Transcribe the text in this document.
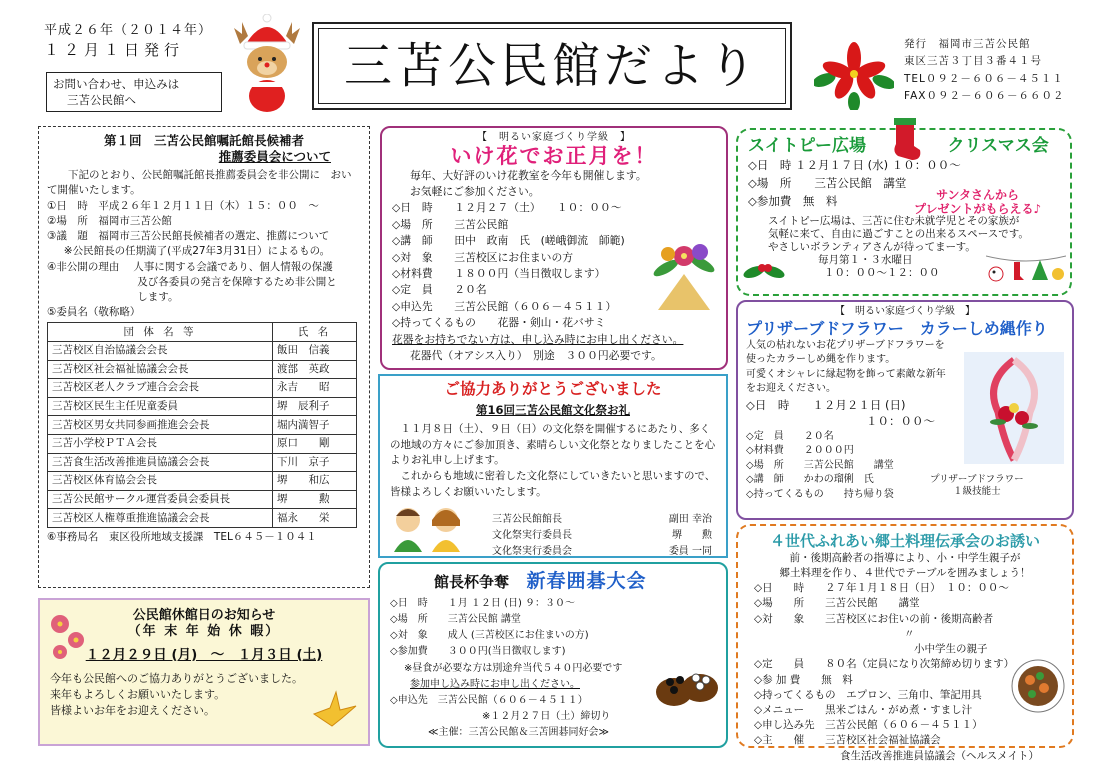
平成２６年（２０１４年）
１２月１日発行
お問い合わせ、申込みは
三苫公民館へ
三苫公民館だより	発行　福岡市三苫公民館
東区三苫３丁目３番４１号
TEL０９２－６０６－４５１１
FAX０９２－６０６－６６０２
第１回　三苫公民館嘱託館長候補者
推薦委員会について

下記のとおり、公民館嘱託館長推薦委員会を非公開に　おいて開催いたします。

①日　時　平成２６年１２月１１日（木）１５：００　～

②場　所　福岡市三苫公館

③議　題　福岡市三苫公民館長候補者の選定、推薦について

※公民館長の任期満了(平成27年3月31日）によるもの。

④非公開の理由　 人事に関する会議であり、個人情報の保護

及び各委員の発言を保障するため非公開と

します。

⑤委員名（敬称略）

団 体 名 等	氏 名
三苫校区自治協議会会長	飯田　信義
三苫校区社会福祉協議会会長	渡部　英政
三苫校区老人クラブ連合会会長	永吉　　昭
三苫校区民生主任児童委員	堺　辰利子
三苫校区男女共同参画推進会会長	堀内満智子
三苫小学校ＰＴＡ会長	原口　　剛
三苫食生活改善推進員協議会会長	下川　京子
三苫校区体育協会会長	堺　　和広
三苫公民館サークル運営委員会委員長	堺　　　勲
三苫校区人権尊重推進協議会会長	福永　　栄

⑥事務局名　東区役所地域支援課　TEL６４５－１０４１

公民館休館日のお知らせ
（年 末 年 始 休 暇）
１２月２９日 (月)　～　１月３日 (土)
今年も公民館へのご協力ありがとうございました。
来年もよろしくお願いいたします。
皆様よいお年をお迎えください。
【　明るい家庭づくり学級　】
いけ花でお正月を！

毎年、大好評のいけ花教室を今年も開催します。

お気軽にご参加ください。

◇日　時　　１２月２７（土）　　１０：００～
◇場　所　　三苫公民館
◇講　師　　田中　政南　氏　(嵯峨御流　師範)
◇対　象　　三苫校区にお住まいの方
◇材料費　　１８００円（当日徴収します）
◇定　員　　２０名
◇申込先　　三苫公民館（６０６－４５１１）
◇持ってくるもの　　花器・剣山・花バサミ

花器をお持ちでない方は、申し込み時にお申し出ください。

花器代（オアシス入り）　別途　３００円必要です。

ご協力ありがとうございました
第16回三苫公民館文化祭お礼

１１月８日（土）、９日（日）の文化祭を開催するにあたり、多くの地域の方々にご参加頂き、素晴らしい文化祭となりましたことを心よりお礼申し上げます。

これからも地域に密着した文化祭にしていきたいと思いますので、皆様よろしくお願いいたします。

三苫公民館館長	副田 幸治
文化祭実行委員長	堺　　勲
文化祭実行委員会	委員 一同
館長杯争奪 新春囲碁大会
◇日　時　　１月 １２日 (日) ９：３０～
◇場　所　　三苫公民館 講堂
◇対　象　　成人 (三苫校区にお住まいの方)
◇参加費　　３００円(当日徴収します)
※昼食が必要な方は別途弁当代５４０円必要です
参加申し込み時にお申し出ください。
◇申込先　三苫公民館（６０６－４５１１）
※１２月２７日（土）締切り
≪主催：三苫公民館＆三苫囲碁同好会≫
スイトピー広場	クリスマス会
◇日　時 １２月１７日 (水) １０：００～
◇場　所　　三苫公民館　講堂
◇参加費　無　料	サンタさんから
プレゼントがもらえる♪

スイトピー広場は、三苫に住む未就学児とその家族が

気軽に来て、自由に過ごすことの出来るスペースです。

やさしいボランティアさんが待ってまーす。

毎月第１・３水曜日

１０：００～１２：００

【　明るい家庭づくり学級　】
プリザーブドフラワー　カラーしめ縄作り

人気の枯れないお花プリザーブドフラワーを

使ったカラーしめ縄を作ります。

可愛くオシャレに縁起物を飾って素敵な新年

をお迎えください。

◇日　時　　１２月２１日 (日)
１０：００～
◇定　員　　２０名
◇材料費　　２０００円
◇場　所　　三苫公民館　　講堂
◇講　師　　かわの瑠俐　氏
◇持ってくるもの　　持ち帰り袋
プリザーブドフラワー
１級技能士
４世代ふれあい郷土料理伝承会のお誘い

前・後期高齢者の指導により、小・中学生親子が

郷土料理を作り、４世代でテーブルを囲みましょう！

◇日　　時　　２７年１月１８日（日）　１０：００～
◇場　　所　　三苫公民館　　講堂
◇対　　象　　三苫校区にお住いの前・後期高齢者
〃
小中学生の親子
◇定　　員　　８０名（定員になり次第締め切ります）
◇参 加 費　　無　料
◇持ってくるもの　エプロン、三角巾、筆記用具
◇メニュー　　黒米ごはん・がめ煮・すまし汁
◇申し込み先　三苫公民館（６０６－４５１１）
◇主　　催　　三苫校区社会福祉協議会
食生活改善推進員協議会（ヘルスメイト）
